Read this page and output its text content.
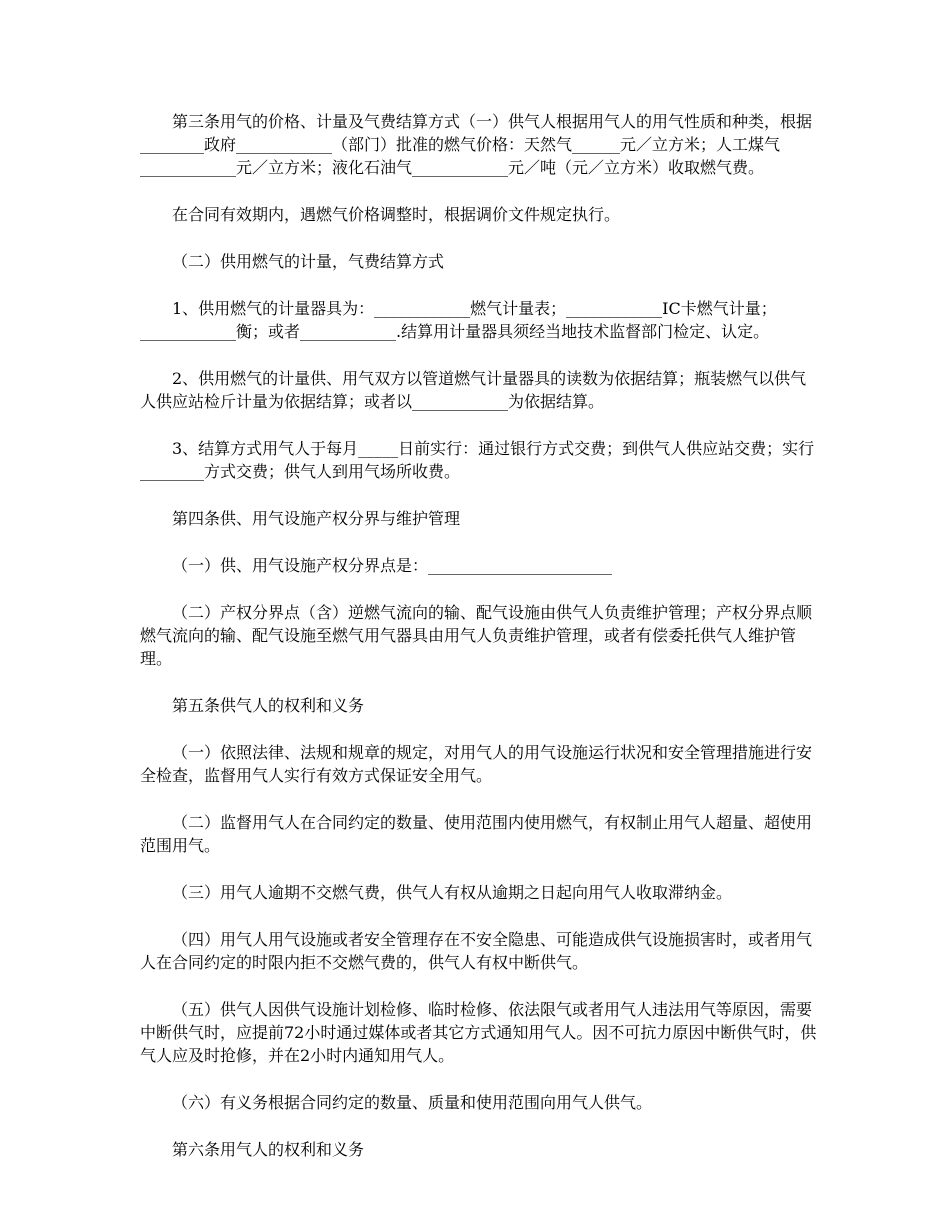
第三条用气的价格、计量及气费结算方式（一）供气人根据用气人的用气性质和种类，根据________政府____________（部门）批准的燃气价格：天然气______元／立方米；人工煤气____________元／立方米；液化石油气____________元／吨（元／立方米）收取燃气费。

在合同有效期内，遇燃气价格调整时，根据调价文件规定执行。

（二）供用燃气的计量，气费结算方式

1、供用燃气的计量器具为：____________燃气计量表；____________IC卡燃气计量；____________衡；或者____________.结算用计量器具须经当地技术监督部门检定、认定。

2、供用燃气的计量供、用气双方以管道燃气计量器具的读数为依据结算；瓶装燃气以供气人供应站检斤计量为依据结算；或者以____________为依据结算。

3、结算方式用气人于每月_____日前实行：通过银行方式交费；到供气人供应站交费；实行________方式交费；供气人到用气场所收费。

第四条供、用气设施产权分界与维护管理

（一）供、用气设施产权分界点是：_______________________

（二）产权分界点（含）逆燃气流向的输、配气设施由供气人负责维护管理；产权分界点顺燃气流向的输、配气设施至燃气用气器具由用气人负责维护管理，或者有偿委托供气人维护管理。

第五条供气人的权利和义务

（一）依照法律、法规和规章的规定，对用气人的用气设施运行状况和安全管理措施进行安全检查，监督用气人实行有效方式保证安全用气。

（二）监督用气人在合同约定的数量、使用范围内使用燃气，有权制止用气人超量、超使用范围用气。

（三）用气人逾期不交燃气费，供气人有权从逾期之日起向用气人收取滞纳金。

（四）用气人用气设施或者安全管理存在不安全隐患、可能造成供气设施损害时，或者用气人在合同约定的时限内拒不交燃气费的，供气人有权中断供气。

（五）供气人因供气设施计划检修、临时检修、依法限气或者用气人违法用气等原因，需要中断供气时，应提前72小时通过媒体或者其它方式通知用气人。因不可抗力原因中断供气时，供气人应及时抢修，并在2小时内通知用气人。

（六）有义务根据合同约定的数量、质量和使用范围向用气人供气。

第六条用气人的权利和义务
